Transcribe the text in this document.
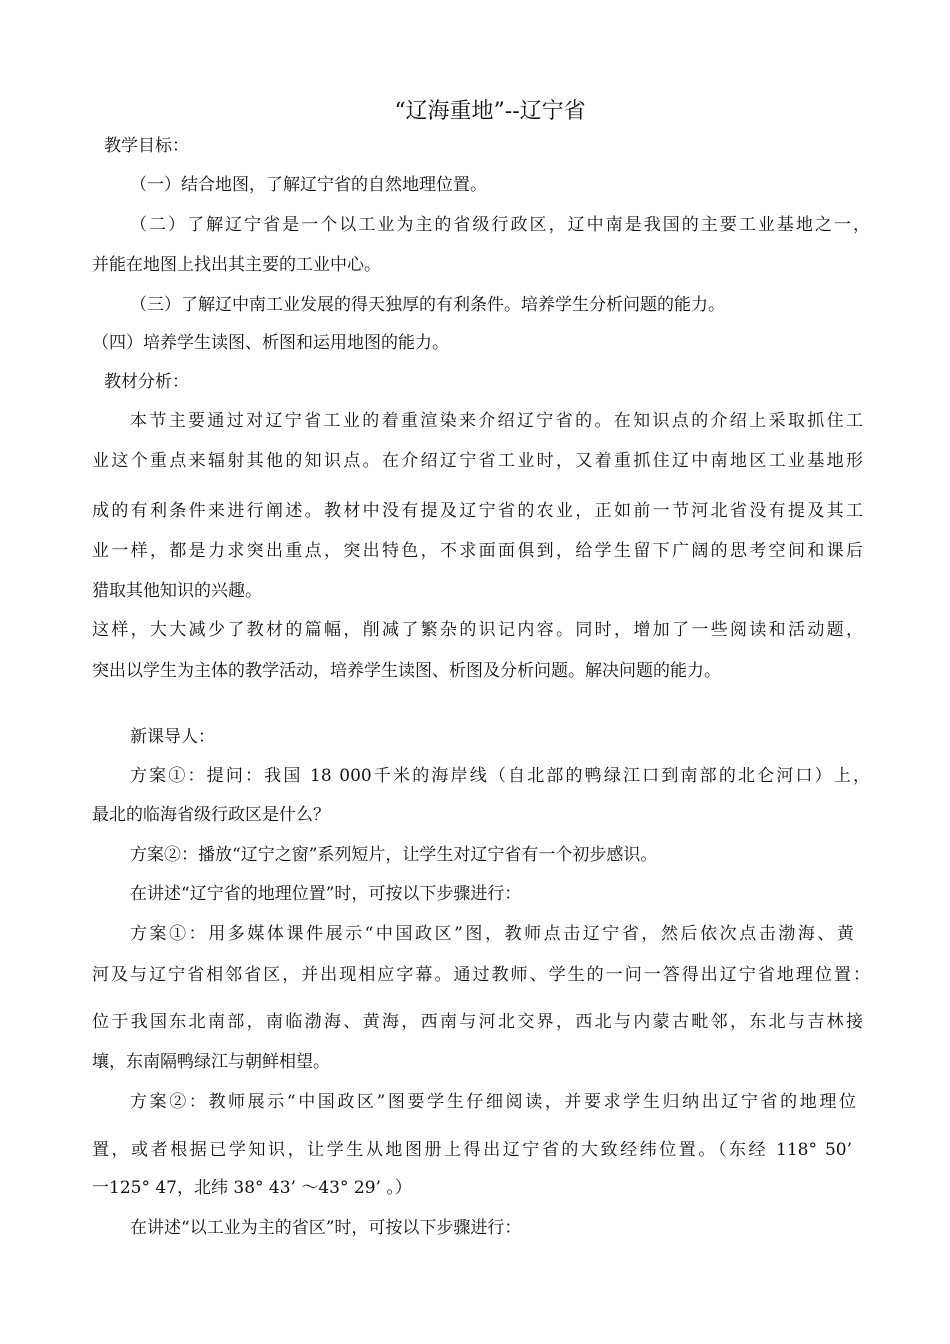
“辽海重地”--辽宁省
教学目标：
（一）结合地图，了解辽宁省的自然地理位置。
（二）了解辽宁省是一个以工业为主的省级行政区，辽中南是我国的主要工业基地之一，
并能在地图上找出其主要的工业中心。
（三）了解辽中南工业发展的得天独厚的有利条件。培养学生分析问题的能力。
（四）培养学生读图、析图和运用地图的能力。
教材分析：
本节主要通过对辽宁省工业的着重渲染来介绍辽宁省的。在知识点的介绍上采取抓住工
业这个重点来辐射其他的知识点。在介绍辽宁省工业时，又着重抓住辽中南地区工业基地形
成的有利条件来进行阐述。教材中没有提及辽宁省的农业，正如前一节河北省没有提及其工
业一样，都是力求突出重点，突出特色，不求面面俱到，给学生留下广阔的思考空间和课后
猎取其他知识的兴趣。
这样，大大减少了教材的篇幅，削减了繁杂的识记内容。同时，增加了一些阅读和活动题，
突出以学生为主体的教学活动，培养学生读图、析图及分析问题。解决问题的能力。
新课导人：
方案①：提问：我国 18 000千米的海岸线（自北部的鸭绿江口到南部的北仑河口）上，
最北的临海省级行政区是什么？
方案②：播放“辽宁之窗”系列短片，让学生对辽宁省有一个初步感识。
在讲述“辽宁省的地理位置”时，可按以下步骤进行：
方案①：用多媒体课件展示“中国政区”图，教师点击辽宁省，然后依次点击渤海、黄
河及与辽宁省相邻省区，并出现相应字幕。通过教师、学生的一问一答得出辽宁省地理位置：
位于我国东北南部，南临渤海、黄海，西南与河北交界，西北与内蒙古毗邻，东北与吉林接
壤，东南隔鸭绿江与朝鲜相望。
方案②：教师展示“中国政区”图要学生仔细阅读，并要求学生归纳出辽宁省的地理位
置，或者根据已学知识，让学生从地图册上得出辽宁省的大致经纬位置。（东经 118° 50’
一125° 47，北纬 38° 43’ ～43° 29’ 。）
在讲述“以工业为主的省区”时，可按以下步骤进行：
